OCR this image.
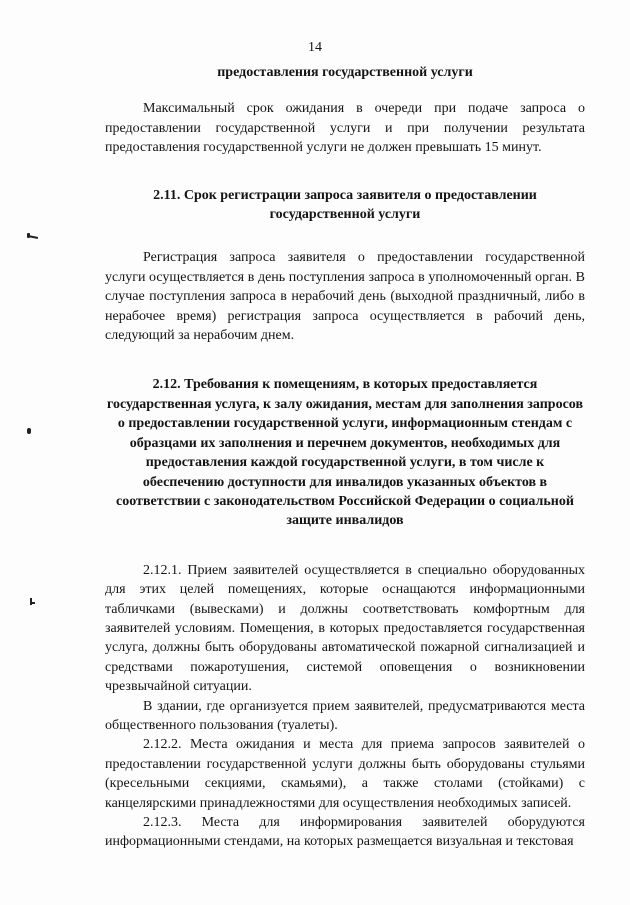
14

предоставления государственной услуги

Максимальный срок ожидания в очереди при подаче запроса о предоставлении государственной услуги и при получении результата предоставления государственной услуги не должен превышать 15 минут.

2.11. Срок регистрации запроса заявителя о предоставлении государственной услуги

Регистрация запроса заявителя о предоставлении государственной услуги осуществляется в день поступления запроса в уполномоченный орган. В случае поступления запроса в нерабочий день (выходной праздничный, либо в нерабочее время) регистрация запроса осуществляется в рабочий день, следующий за нерабочим днем.

2.12. Требования к помещениям, в которых предоставляется государственная услуга, к залу ожидания, местам для заполнения запросов о предоставлении государственной услуги, информационным стендам с образцами их заполнения и перечнем документов, необходимых для предоставления каждой государственной услуги, в том числе к обеспечению доступности для инвалидов указанных объектов в соответствии с законодательством Российской Федерации о социальной защите инвалидов

2.12.1. Прием заявителей осуществляется в специально оборудованных для этих целей помещениях, которые оснащаются информационными табличками (вывесками) и должны соответствовать комфортным для заявителей условиям. Помещения, в которых предоставляется государственная услуга, должны быть оборудованы автоматической пожарной сигнализацией и средствами пожаротушения, системой оповещения о возникновении чрезвычайной ситуации.

В здании, где организуется прием заявителей, предусматриваются места общественного пользования (туалеты).

2.12.2. Места ожидания и места для приема запросов заявителей о предоставлении государственной услуги должны быть оборудованы стульями (кресельными секциями, скамьями), а также столами (стойками) с канцелярскими принадлежностями для осуществления необходимых записей.

2.12.3. Места для информирования заявителей оборудуются информационными стендами, на которых размещается визуальная и текстовая
